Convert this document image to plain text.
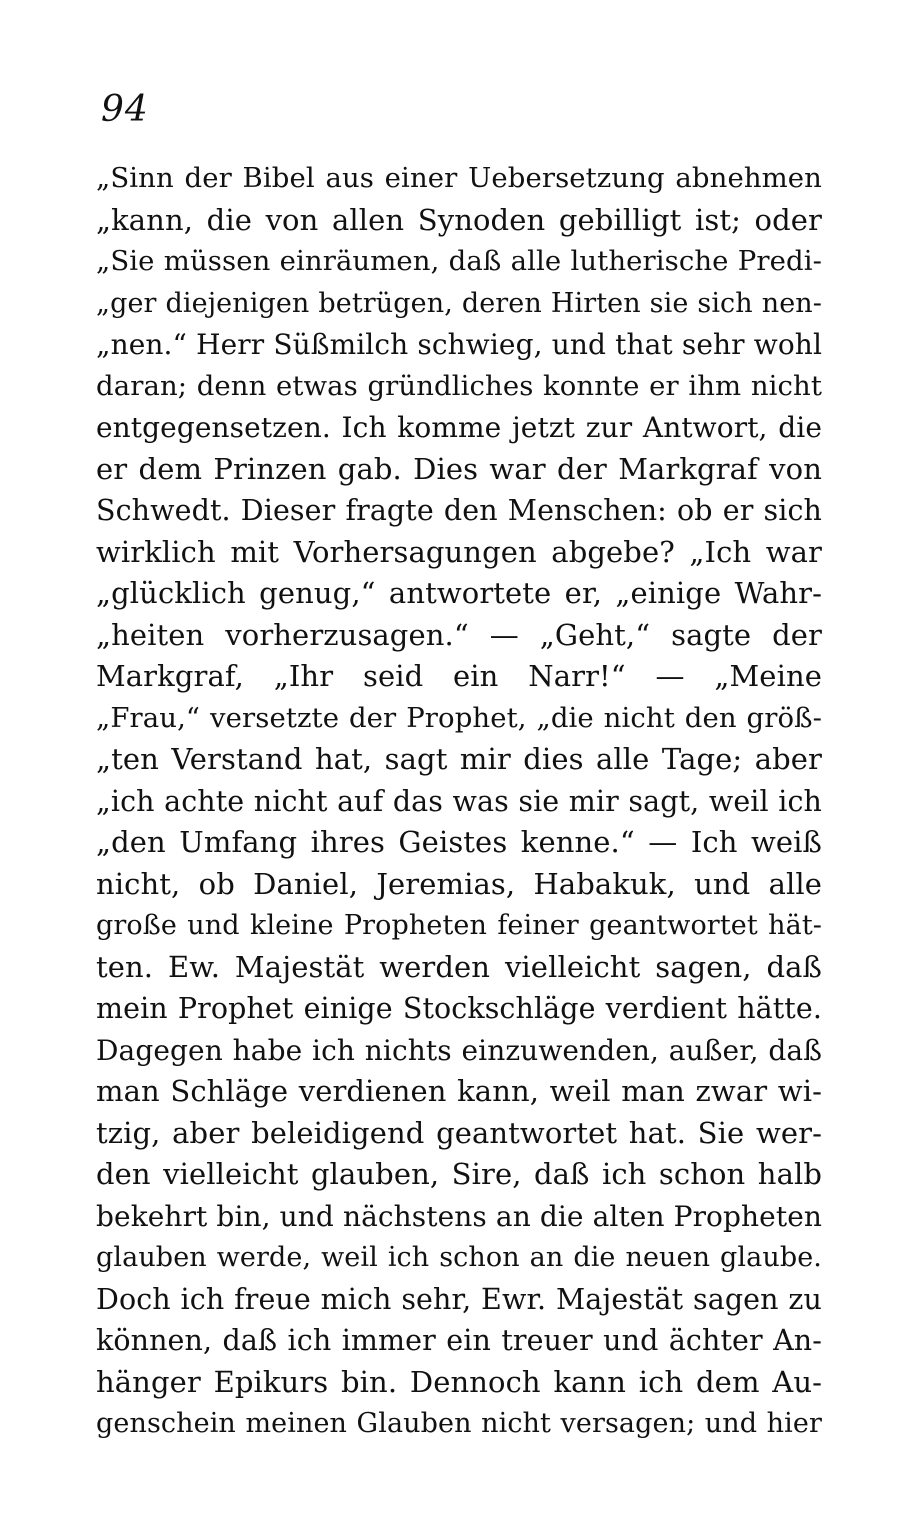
94
„Sinn der Bibel aus einer Uebersetzung abnehmen
„kann, die von allen Synoden gebilligt ist; oder
„Sie müssen einräumen, daß alle lutherische Predi-
„ger diejenigen betrügen, deren Hirten sie sich nen-
„nen.“ Herr Süßmilch schwieg, und that sehr wohl
daran; denn etwas gründliches konnte er ihm nicht
entgegensetzen. Ich komme jetzt zur Antwort, die
er dem Prinzen gab. Dies war der Markgraf von
Schwedt. Dieser fragte den Menschen: ob er sich
wirklich mit Vorhersagungen abgebe? „Ich war
„glücklich genug,“ antwortete er, „einige Wahr-
„heiten vorherzusagen.“ — „Geht,“ sagte der
Markgraf, „Ihr seid ein Narr!“ — „Meine
„Frau,“ versetzte der Prophet, „die nicht den größ-
„ten Verstand hat, sagt mir dies alle Tage; aber
„ich achte nicht auf das was sie mir sagt, weil ich
„den Umfang ihres Geistes kenne.“ — Ich weiß
nicht, ob Daniel, Jeremias, Habakuk, und alle
große und kleine Propheten feiner geantwortet hät-
ten. Ew. Majestät werden vielleicht sagen, daß
mein Prophet einige Stockschläge verdient hätte.
Dagegen habe ich nichts einzuwenden, außer, daß
man Schläge verdienen kann, weil man zwar wi-
tzig, aber beleidigend geantwortet hat. Sie wer-
den vielleicht glauben, Sire, daß ich schon halb
bekehrt bin, und nächstens an die alten Propheten
glauben werde, weil ich schon an die neuen glaube.
Doch ich freue mich sehr, Ewr. Majestät sagen zu
können, daß ich immer ein treuer und ächter An-
hänger Epikurs bin. Dennoch kann ich dem Au-
genschein meinen Glauben nicht versagen; und hier
